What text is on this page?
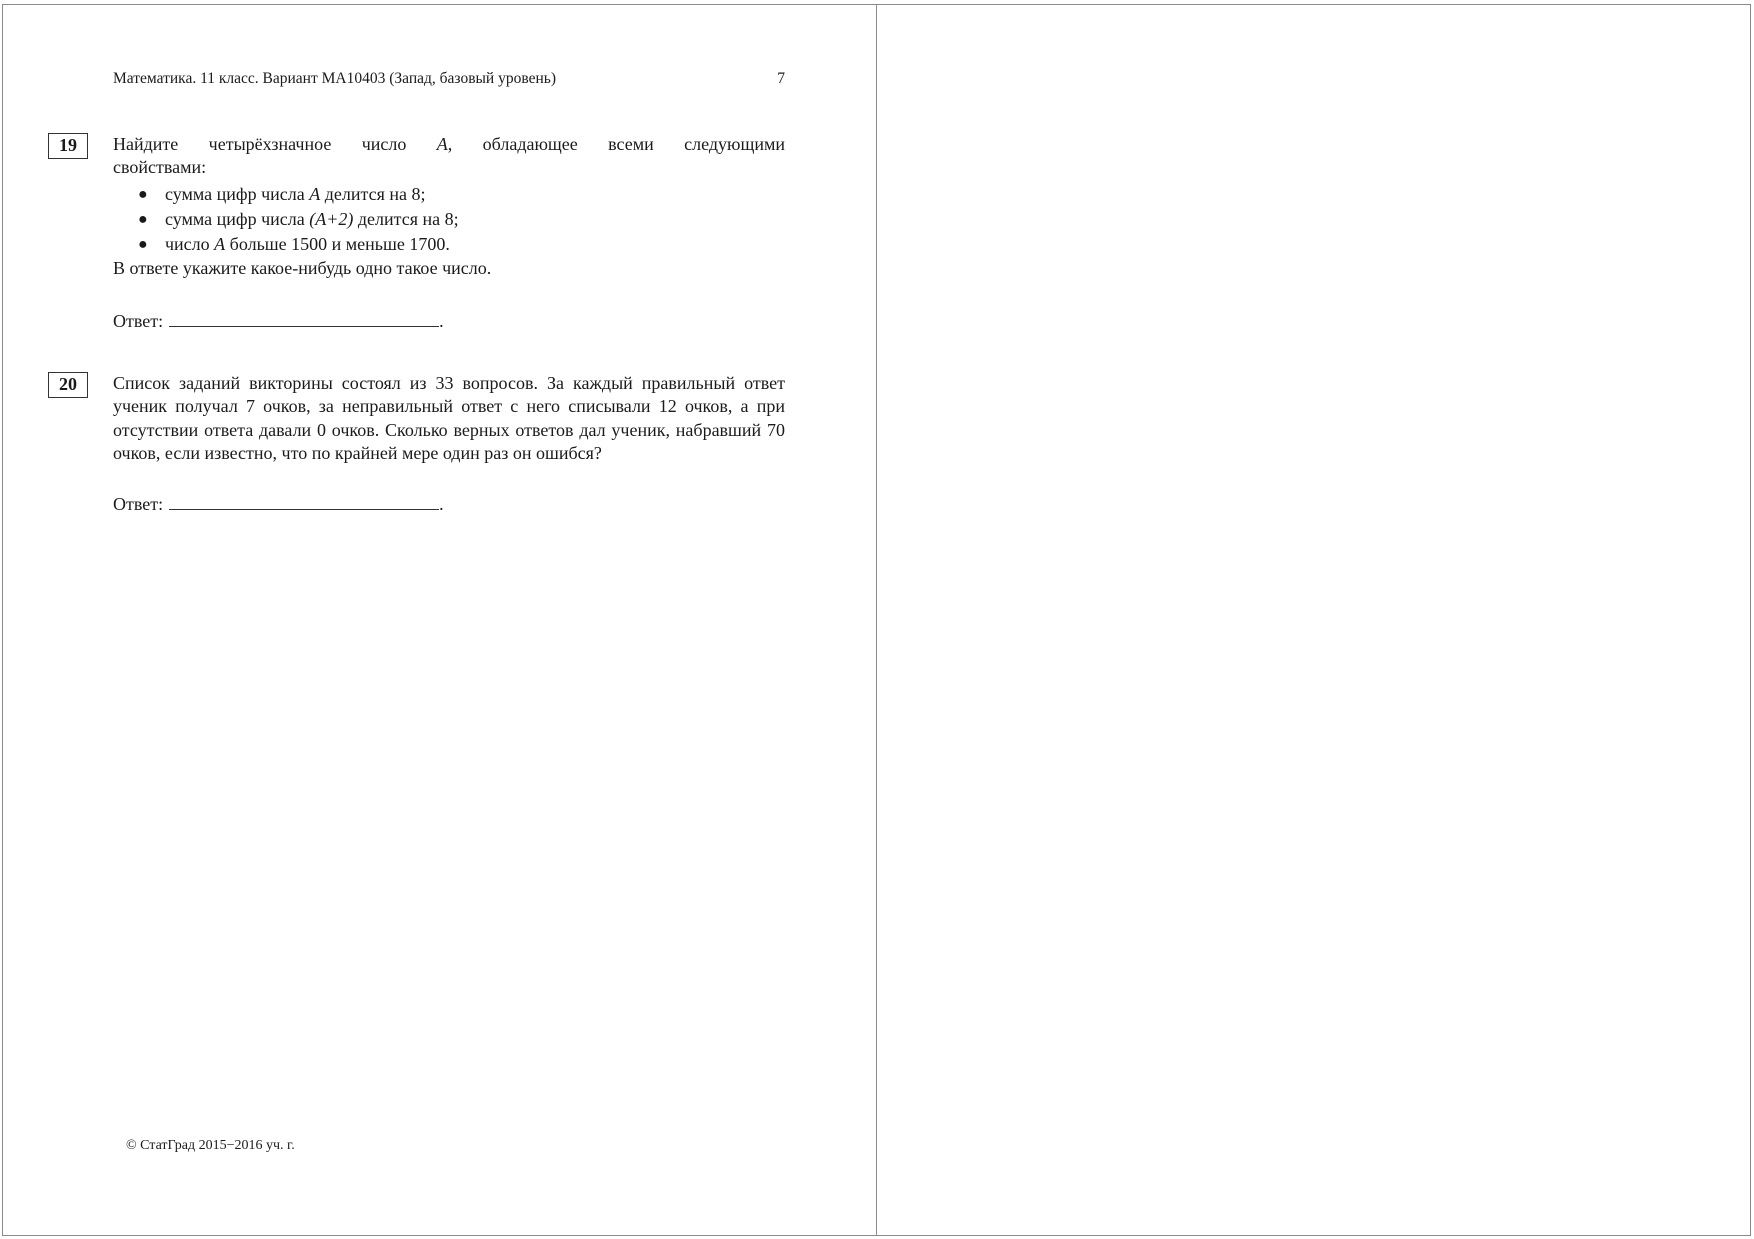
Математика. 11 класс. Вариант МА10403 (Запад, базовый уровень)	7
19	Найдите четырёхзначное число A, обладающее всеми следующими

свойствами:

● сумма цифр числа A делится на 8;
● сумма цифр числа (A+2) делится на 8;
● число A больше 1500 и меньше 1700.

В ответе укажите какое-нибудь одно такое число.

Ответ:	.
20	Список заданий викторины состоял из 33 вопросов. За каждый правильный ответ ученик получал 7 очков, за неправильный ответ с него списывали 12 очков, а при отсутствии ответа давали 0 очков. Сколько верных ответов дал ученик, набравший 70 очков, если известно, что по крайней мере один раз он ошибся?

Ответ:	.
© СтатГрад 2015−2016 уч. г.
